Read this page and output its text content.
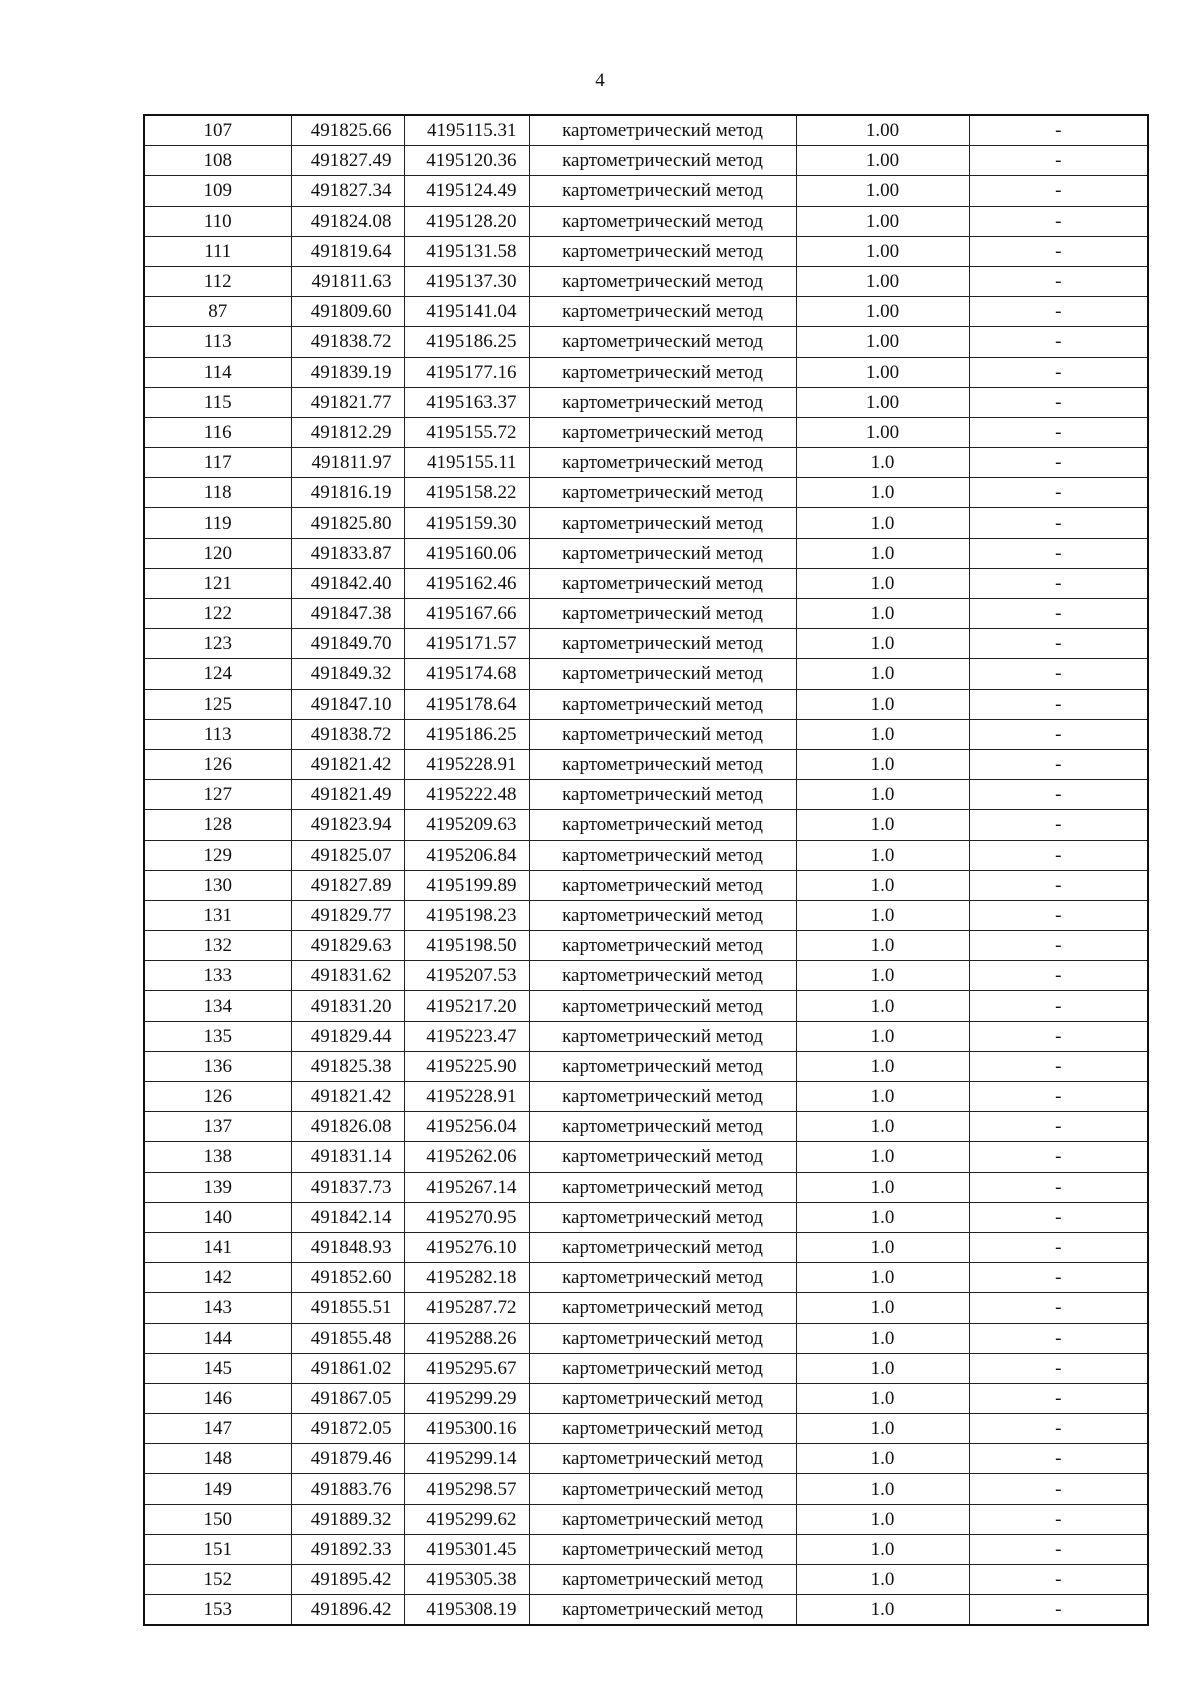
4
107	491825.66	4195115.31	картометрический метод	1.00	-
108	491827.49	4195120.36	картометрический метод	1.00	-
109	491827.34	4195124.49	картометрический метод	1.00	-
110	491824.08	4195128.20	картометрический метод	1.00	-
111	491819.64	4195131.58	картометрический метод	1.00	-
112	491811.63	4195137.30	картометрический метод	1.00	-
87	491809.60	4195141.04	картометрический метод	1.00	-
113	491838.72	4195186.25	картометрический метод	1.00	-
114	491839.19	4195177.16	картометрический метод	1.00	-
115	491821.77	4195163.37	картометрический метод	1.00	-
116	491812.29	4195155.72	картометрический метод	1.00	-
117	491811.97	4195155.11	картометрический метод	1.0	-
118	491816.19	4195158.22	картометрический метод	1.0	-
119	491825.80	4195159.30	картометрический метод	1.0	-
120	491833.87	4195160.06	картометрический метод	1.0	-
121	491842.40	4195162.46	картометрический метод	1.0	-
122	491847.38	4195167.66	картометрический метод	1.0	-
123	491849.70	4195171.57	картометрический метод	1.0	-
124	491849.32	4195174.68	картометрический метод	1.0	-
125	491847.10	4195178.64	картометрический метод	1.0	-
113	491838.72	4195186.25	картометрический метод	1.0	-
126	491821.42	4195228.91	картометрический метод	1.0	-
127	491821.49	4195222.48	картометрический метод	1.0	-
128	491823.94	4195209.63	картометрический метод	1.0	-
129	491825.07	4195206.84	картометрический метод	1.0	-
130	491827.89	4195199.89	картометрический метод	1.0	-
131	491829.77	4195198.23	картометрический метод	1.0	-
132	491829.63	4195198.50	картометрический метод	1.0	-
133	491831.62	4195207.53	картометрический метод	1.0	-
134	491831.20	4195217.20	картометрический метод	1.0	-
135	491829.44	4195223.47	картометрический метод	1.0	-
136	491825.38	4195225.90	картометрический метод	1.0	-
126	491821.42	4195228.91	картометрический метод	1.0	-
137	491826.08	4195256.04	картометрический метод	1.0	-
138	491831.14	4195262.06	картометрический метод	1.0	-
139	491837.73	4195267.14	картометрический метод	1.0	-
140	491842.14	4195270.95	картометрический метод	1.0	-
141	491848.93	4195276.10	картометрический метод	1.0	-
142	491852.60	4195282.18	картометрический метод	1.0	-
143	491855.51	4195287.72	картометрический метод	1.0	-
144	491855.48	4195288.26	картометрический метод	1.0	-
145	491861.02	4195295.67	картометрический метод	1.0	-
146	491867.05	4195299.29	картометрический метод	1.0	-
147	491872.05	4195300.16	картометрический метод	1.0	-
148	491879.46	4195299.14	картометрический метод	1.0	-
149	491883.76	4195298.57	картометрический метод	1.0	-
150	491889.32	4195299.62	картометрический метод	1.0	-
151	491892.33	4195301.45	картометрический метод	1.0	-
152	491895.42	4195305.38	картометрический метод	1.0	-
153	491896.42	4195308.19	картометрический метод	1.0	-
